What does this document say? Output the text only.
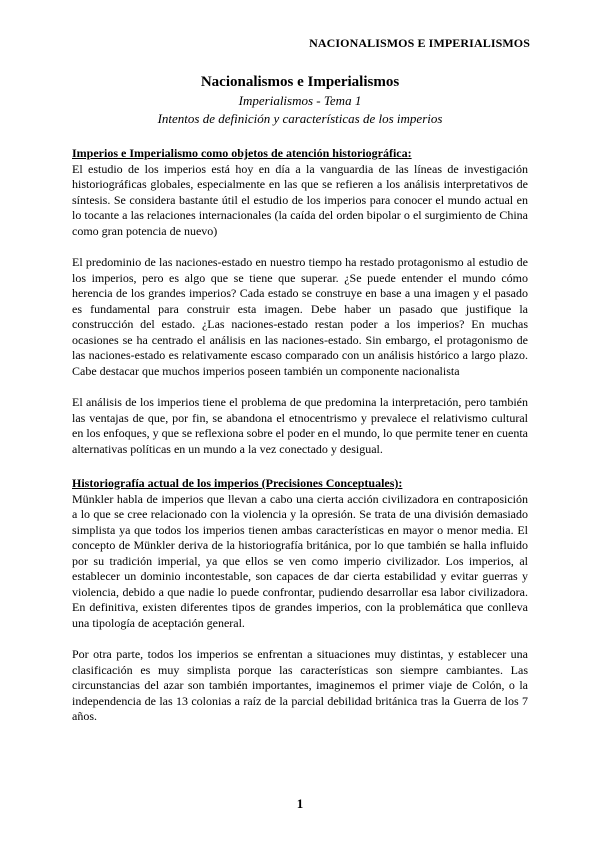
NACIONALISMOS E IMPERIALISMOS
Nacionalismos e Imperialismos

Imperialismos - Tema 1

Intentos de definición y características de los imperios

Imperios e Imperialismo como objetos de atención historiográfica:

El estudio de los imperios está hoy en día a la vanguardia de las líneas de investigación historiográficas globales, especialmente en las que se refieren a los análisis interpretativos de síntesis. Se considera bastante útil el estudio de los imperios para conocer el mundo actual en lo tocante a las relaciones internacionales (la caída del orden bipolar o el surgimiento de China como gran potencia de nuevo)

El predominio de las naciones-estado en nuestro tiempo ha restado protagonismo al estudio de los imperios, pero es algo que se tiene que superar. ¿Se puede entender el mundo cómo herencia de los grandes imperios? Cada estado se construye en base a una imagen y el pasado es fundamental para construir esta imagen. Debe haber un pasado que justifique la construcción del estado. ¿Las naciones-estado restan poder a los imperios? En muchas ocasiones se ha centrado el análisis en las naciones-estado. Sin embargo, el protagonismo de las naciones-estado es relativamente escaso comparado con un análisis histórico a largo plazo. Cabe destacar que muchos imperios poseen también un componente nacionalista

El análisis de los imperios tiene el problema de que predomina la interpretación, pero también las ventajas de que, por fin, se abandona el etnocentrismo y prevalece el relativismo cultural en los enfoques, y que se reflexiona sobre el poder en el mundo, lo que permite tener en cuenta alternativas políticas en un mundo a la vez conectado y desigual.

Historiografía actual de los imperios (Precisiones Conceptuales):

Münkler habla de imperios que llevan a cabo una cierta acción civilizadora en contraposición a lo que se cree relacionado con la violencia y la opresión. Se trata de una división demasiado simplista ya que todos los imperios tienen ambas características en mayor o menor media. El concepto de Münkler deriva de la historiografía británica, por lo que también se halla influido por su tradición imperial, ya que ellos se ven como imperio civilizador. Los imperios, al establecer un dominio incontestable, son capaces de dar cierta estabilidad y evitar guerras y violencia, debido a que nadie lo puede confrontar, pudiendo desarrollar esa labor civilizadora. En definitiva, existen diferentes tipos de grandes imperios, con la problemática que conlleva una tipología de aceptación general.

Por otra parte, todos los imperios se enfrentan a situaciones muy distintas, y establecer una clasificación es muy simplista porque las características son siempre cambiantes. Las circunstancias del azar son también importantes, imaginemos el primer viaje de Colón, o la independencia de las 13 colonias a raíz de la parcial debilidad británica tras la Guerra de los 7 años.

1
